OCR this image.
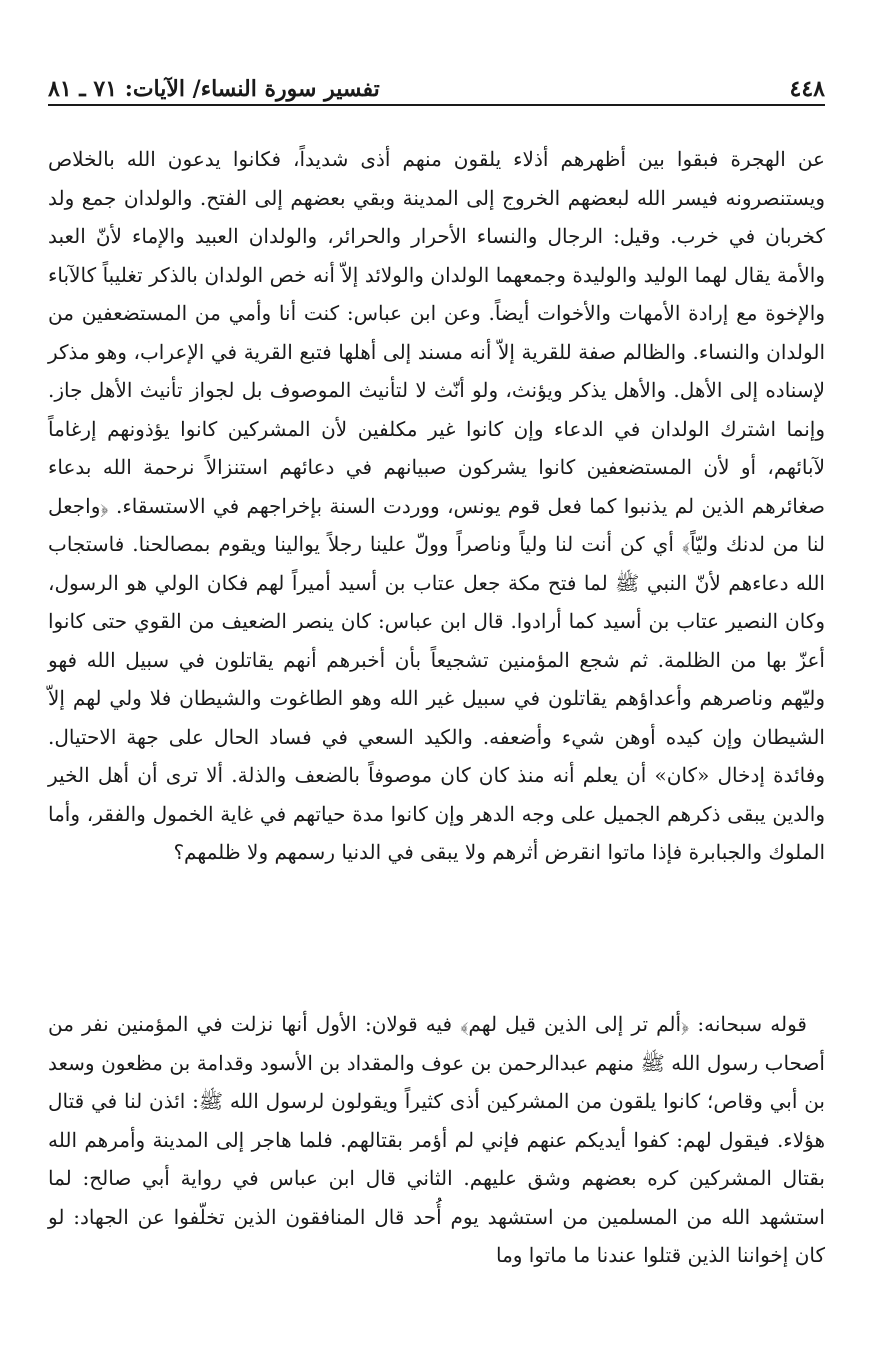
٤٤٨
تفسير سورة النساء/ الآيات: ٧١ ـ ٨١

عن الهجرة فبقوا بين أظهرهم أذلاء يلقون منهم أذى شديداً، فكانوا يدعون الله بالخلاص ويستنصرونه فيسر الله لبعضهم الخروج إلى المدينة وبقي بعضهم إلى الفتح. والولدان جمع ولد كخربان في خرب. وقيل: الرجال والنساء الأحرار والحرائر، والولدان العبيد والإماء لأنّ العبد والأمة يقال لهما الوليد والوليدة وجمعهما الولدان والولائد إلاّ أنه خص الولدان بالذكر تغليباً كالآباء والإخوة مع إرادة الأمهات والأخوات أيضاً. وعن ابن عباس: كنت أنا وأمي من المستضعفين من الولدان والنساء. والظالم صفة للقرية إلاّ أنه مسند إلى أهلها فتبع القرية في الإعراب، وهو مذكر لإسناده إلى الأهل. والأهل يذكر ويؤنث، ولو أنّث لا لتأنيث الموصوف بل لجواز تأنيث الأهل جاز. وإنما اشترك الولدان في الدعاء وإن كانوا غير مكلفين لأن المشركين كانوا يؤذونهم إرغاماً لآبائهم، أو لأن المستضعفين كانوا يشركون صبيانهم في دعائهم استنزالاً نرحمة الله بدعاء صغائرهم الذين لم يذنبوا كما فعل قوم يونس، ووردت السنة بإخراجهم في الاستسقاء. ﴿واجعل لنا من لدنك وليّاً﴾ أي كن أنت لنا ولياً وناصراً وولّ علينا رجلاً يوالينا ويقوم بمصالحنا. فاستجاب الله دعاءهم لأنّ النبي ﷺ لما فتح مكة جعل عتاب بن أسيد أميراً لهم فكان الولي هو الرسول، وكان النصير عتاب بن أسيد كما أرادوا. قال ابن عباس: كان ينصر الضعيف من القوي حتى كانوا أعزّ بها من الظلمة. ثم شجع المؤمنين تشجيعاً بأن أخبرهم أنهم يقاتلون في سبيل الله فهو وليّهم وناصرهم وأعداؤهم يقاتلون في سبيل غير الله وهو الطاغوت والشيطان فلا ولي لهم إلاّ الشيطان وإن كيده أوهن شيء وأضعفه. والكيد السعي في فساد الحال على جهة الاحتيال. وفائدة إدخال «كان» أن يعلم أنه منذ كان كان موصوفاً بالضعف والذلة. ألا ترى أن أهل الخير والدين يبقى ذكرهم الجميل على وجه الدهر وإن كانوا مدة حياتهم في غاية الخمول والفقر، وأما الملوك والجبابرة فإذا ماتوا انقرض أثرهم ولا يبقى في الدنيا رسمهم ولا ظلمهم؟

قوله سبحانه: ﴿ألم تر إلى الذين قيل لهم﴾ فيه قولان: الأول أنها نزلت في المؤمنين نفر من أصحاب رسول الله ﷺ منهم عبدالرحمن بن عوف والمقداد بن الأسود وقدامة بن مظعون وسعد بن أبي وقاص؛ كانوا يلقون من المشركين أذى كثيراً ويقولون لرسول الله ﷺ: ائذن لنا في قتال هؤلاء. فيقول لهم: كفوا أيديكم عنهم فإني لم أؤمر بقتالهم. فلما هاجر إلى المدينة وأمرهم الله بقتال المشركين كره بعضهم وشق عليهم. الثاني قال ابن عباس في رواية أبي صالح: لما استشهد الله من المسلمين من استشهد يوم أُحد قال المنافقون الذين تخلّفوا عن الجهاد: لو كان إخواننا الذين قتلوا عندنا ما ماتوا وما
